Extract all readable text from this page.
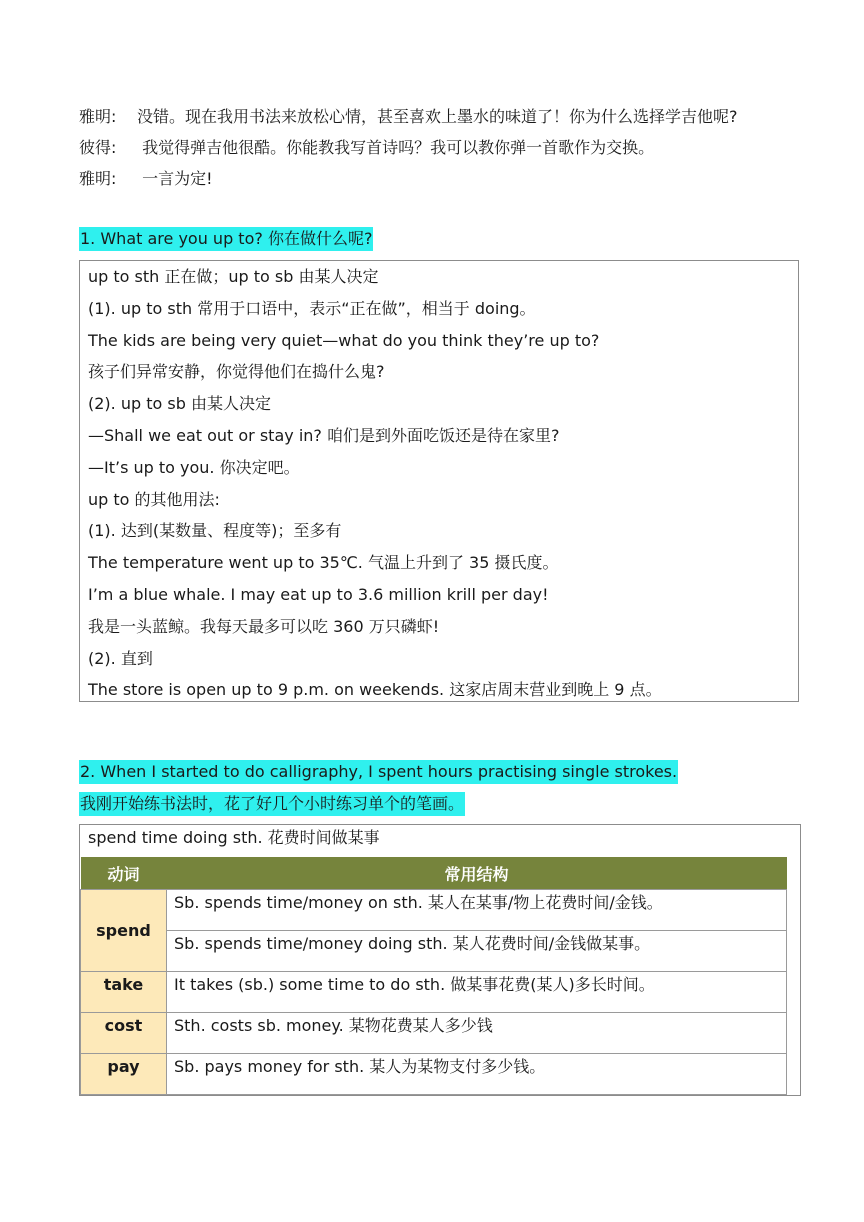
雅明: 没错。现在我用书法来放松心情，甚至喜欢上墨水的味道了！你为什么选择学吉他呢?
彼得: 我觉得弹吉他很酷。你能教我写首诗吗？我可以教你弹一首歌作为交换。
雅明: 一言为定!
1. What are you up to? 你在做什么呢?
up to sth 正在做；up to sb 由某人决定
(1). up to sth 常用于口语中，表示“正在做”，相当于 doing。
The kids are being very quiet—what do you think they’re up to?
孩子们异常安静，你觉得他们在捣什么鬼?
(2). up to sb 由某人决定
—Shall we eat out or stay in? 咱们是到外面吃饭还是待在家里?
—It’s up to you. 你决定吧。
up to 的其他用法:
(1). 达到(某数量、程度等)；至多有
The temperature went up to 35℃. 气温上升到了 35 摄氏度。
I’m a blue whale. I may eat up to 3.6 million krill per day!
我是一头蓝鲸。我每天最多可以吃 360 万只磷虾!
(2). 直到
The store is open up to 9 p.m. on weekends. 这家店周末营业到晚上 9 点。
2. When I started to do calligraphy, I spent hours practising single strokes.
我刚开始练书法时，花了好几个小时练习单个的笔画。
spend time doing sth. 花费时间做某事
动词	常用结构
spend	Sb. spends time/money on sth. 某人在某事/物上花费时间/金钱。
	Sb. spends time/money doing sth. 某人花费时间/金钱做某事。
take	It takes (sb.) some time to do sth. 做某事花费(某人)多长时间。
cost	Sth. costs sb. money. 某物花费某人多少钱
pay	Sb. pays money for sth. 某人为某物支付多少钱。
